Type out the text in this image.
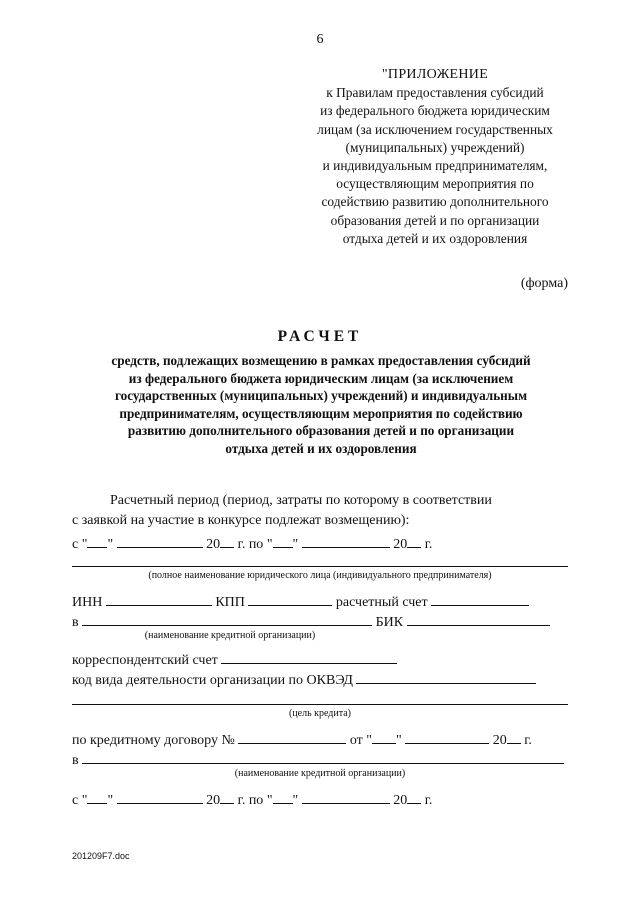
6
"ПРИЛОЖЕНИЕ
к Правилам предоставления субсидий
из федерального бюджета юридическим
лицам (за исключением государственных
(муниципальных) учреждений)
и индивидуальным предпринимателям,
осуществляющим мероприятия по
содействию развитию дополнительного
образования детей и по организации
отдыха детей и их оздоровления
(форма)
РАСЧЕТ
средств, подлежащих возмещению в рамках предоставления субсидий
из федерального бюджета юридическим лицам (за исключением
государственных (муниципальных) учреждений) и индивидуальным
предпринимателям, осуществляющим мероприятия по содействию
развитию дополнительного образования детей и по организации
отдыха детей и их оздоровления
Расчетный период (период, затраты по которому в соответствии
с заявкой на участие в конкурсе подлежат возмещению):
с " "	20 г. по " "	20 г.
(полное наименование юридического лица (индивидуального предпринимателя)
ИНН	КПП	расчетный счет
в	БИК
(наименование кредитной организации)
корреспондентский счет
код вида деятельности организации по ОКВЭД
(цель кредита)
по кредитному договору №	от " "	20 г.
в
(наименование кредитной организации)
с " "	20 г. по " "	20 г.
201209F7.doc
